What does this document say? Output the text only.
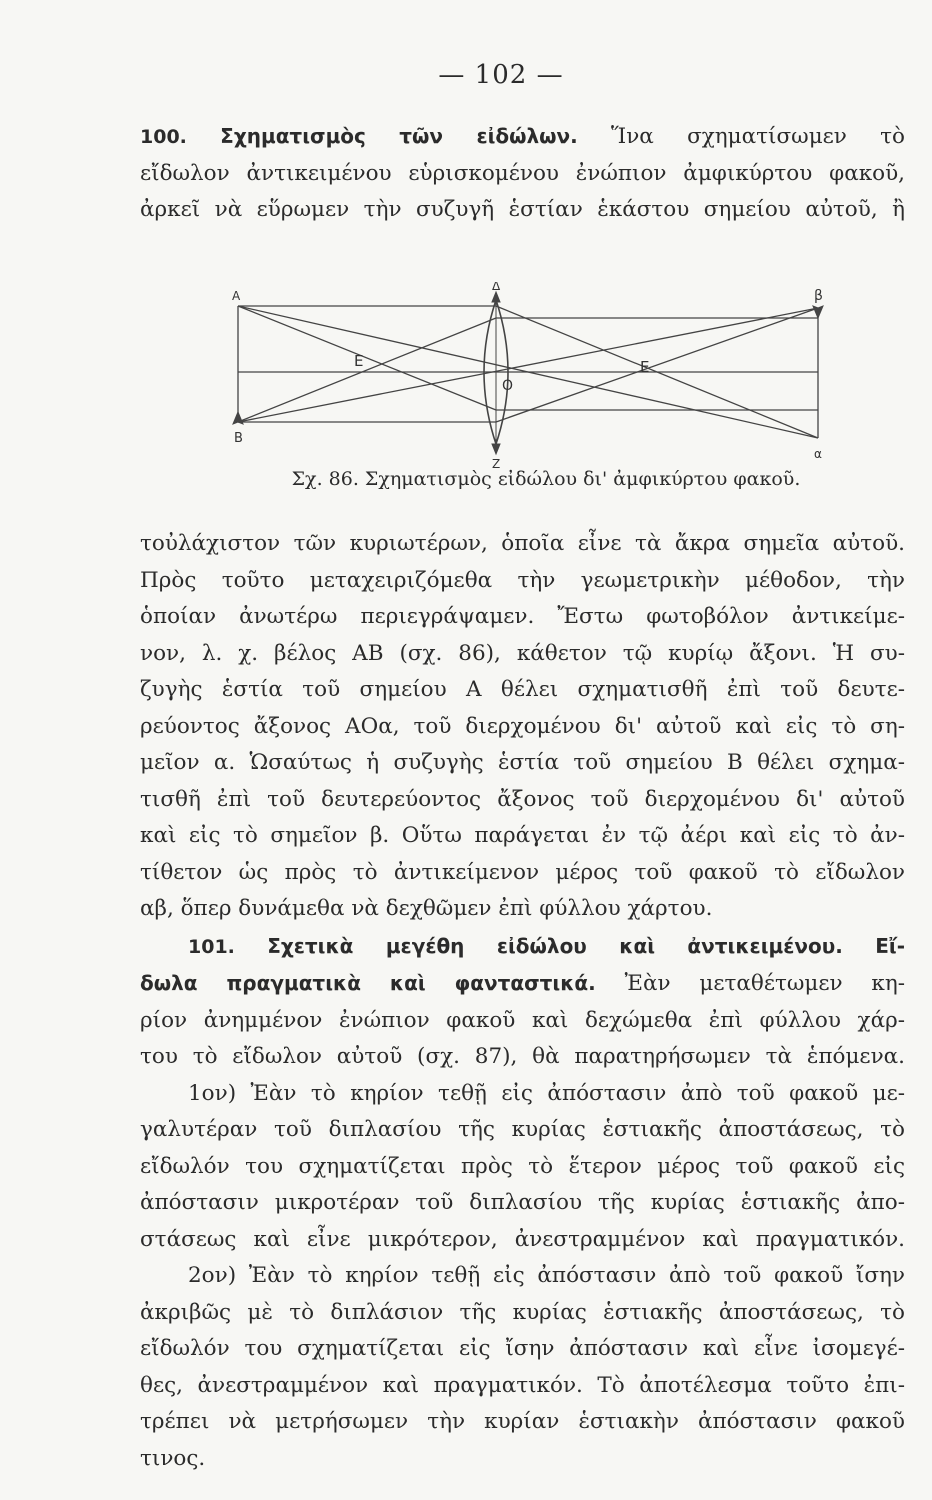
— 102 —
100. Σχηματισμὸς τῶν εἰδώλων. Ἵνα σχηματίσωμεν τὸ
εἴδωλον ἀντικειμένου εὑρισκομένου ἐνώπιον ἀμφικύρτου φακοῦ,
ἀρκεῖ νὰ εὕρωμεν τὴν συζυγῆ ἑστίαν ἑκάστου σημείου αὐτοῦ, ἢ
A
B
Δ
E	E
O
Z
β
α
Σχ. 86. Σχηματισμὸς εἰδώλου δι' ἀμφικύρτου φακοῦ.
τοὐλάχιστον τῶν κυριωτέρων, ὁποῖα εἶνε τὰ ἄκρα σημεῖα αὐτοῦ.
Πρὸς τοῦτο μεταχειριζόμεθα τὴν γεωμετρικὴν μέθοδον, τὴν
ὁποίαν ἀνωτέρω περιεγράψαμεν. Ἔστω φωτοβόλον ἀντικείμε-
νον, λ. χ. βέλος ΑΒ (σχ. 86), κάθετον τῷ κυρίῳ ἄξονι. Ἡ συ-
ζυγὴς ἑστία τοῦ σημείου Α θέλει σχηματισθῆ ἐπὶ τοῦ δευτε-
ρεύοντος ἄξονος ΑΟα, τοῦ διερχομένου δι' αὐτοῦ καὶ εἰς τὸ ση-
μεῖον α. Ὡσαύτως ἡ συζυγὴς ἑστία τοῦ σημείου Β θέλει σχημα-
τισθῆ ἐπὶ τοῦ δευτερεύοντος ἄξονος τοῦ διερχομένου δι' αὐτοῦ
καὶ εἰς τὸ σημεῖον β. Οὕτω παράγεται ἐν τῷ ἀέρι καὶ εἰς τὸ ἀν-
τίθετον ὡς πρὸς τὸ ἀντικείμενον μέρος τοῦ φακοῦ τὸ εἴδωλον
αβ, ὅπερ δυνάμεθα νὰ δεχθῶμεν ἐπὶ φύλλου χάρτου.
101. Σχετικὰ μεγέθη εἰδώλου καὶ ἀντικειμένου. Εἴ-
δωλα πραγματικὰ καὶ φανταστικά. Ἐὰν μεταθέτωμεν κη-
ρίον ἀνημμένον ἐνώπιον φακοῦ καὶ δεχώμεθα ἐπὶ φύλλου χάρ-
του τὸ εἴδωλον αὐτοῦ (σχ. 87), θὰ παρατηρήσωμεν τὰ ἑπόμενα.
1ον) Ἐὰν τὸ κηρίον τεθῇ εἰς ἀπόστασιν ἀπὸ τοῦ φακοῦ με-
γαλυτέραν τοῦ διπλασίου τῆς κυρίας ἑστιακῆς ἀποστάσεως, τὸ
εἴδωλόν του σχηματίζεται πρὸς τὸ ἕτερον μέρος τοῦ φακοῦ εἰς
ἀπόστασιν μικροτέραν τοῦ διπλασίου τῆς κυρίας ἑστιακῆς ἀπο-
στάσεως καὶ εἶνε μικρότερον, ἀνεστραμμένον καὶ πραγματικόν.
2ον) Ἐὰν τὸ κηρίον τεθῇ εἰς ἀπόστασιν ἀπὸ τοῦ φακοῦ ἴσην
ἀκριβῶς μὲ τὸ διπλάσιον τῆς κυρίας ἑστιακῆς ἀποστάσεως, τὸ
εἴδωλόν του σχηματίζεται εἰς ἴσην ἀπόστασιν καὶ εἶνε ἰσομεγέ-
θες, ἀνεστραμμένον καὶ πραγματικόν. Τὸ ἀποτέλεσμα τοῦτο ἐπι-
τρέπει νὰ μετρήσωμεν τὴν κυρίαν ἑστιακὴν ἀπόστασιν φακοῦ
τινος.
